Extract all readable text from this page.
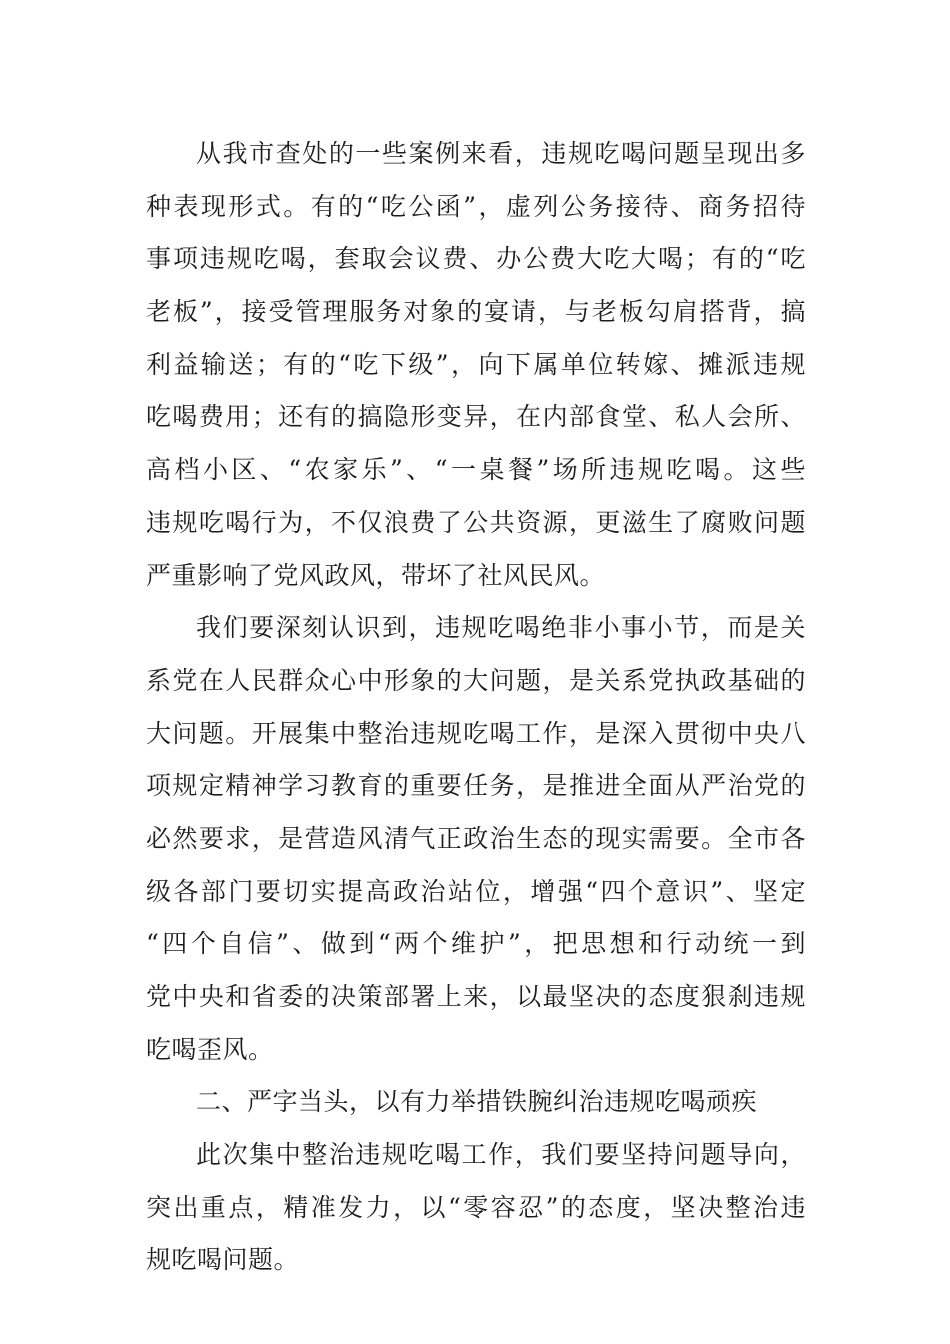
从我市查处的一些案例来看，违规吃喝问题呈现出多
种表现形式。有的“吃公函”，虚列公务接待、商务招待
事项违规吃喝，套取会议费、办公费大吃大喝；有的“吃
老板”，接受管理服务对象的宴请，与老板勾肩搭背，搞
利益输送；有的“吃下级”，向下属单位转嫁、摊派违规
吃喝费用；还有的搞隐形变异，在内部食堂、私人会所、
高档小区、“农家乐”、“一桌餐”场所违规吃喝。这些
违规吃喝行为，不仅浪费了公共资源，更滋生了腐败问题
严重影响了党风政风，带坏了社风民风。
我们要深刻认识到，违规吃喝绝非小事小节，而是关
系党在人民群众心中形象的大问题，是关系党执政基础的
大问题。开展集中整治违规吃喝工作，是深入贯彻中央八
项规定精神学习教育的重要任务，是推进全面从严治党的
必然要求，是营造风清气正政治生态的现实需要。全市各
级各部门要切实提高政治站位，增强“四个意识”、坚定
“四个自信”、做到“两个维护”，把思想和行动统一到
党中央和省委的决策部署上来，以最坚决的态度狠刹违规
吃喝歪风。
二、严字当头，以有力举措铁腕纠治违规吃喝顽疾
此次集中整治违规吃喝工作，我们要坚持问题导向，
突出重点，精准发力，以“零容忍”的态度，坚决整治违
规吃喝问题。
